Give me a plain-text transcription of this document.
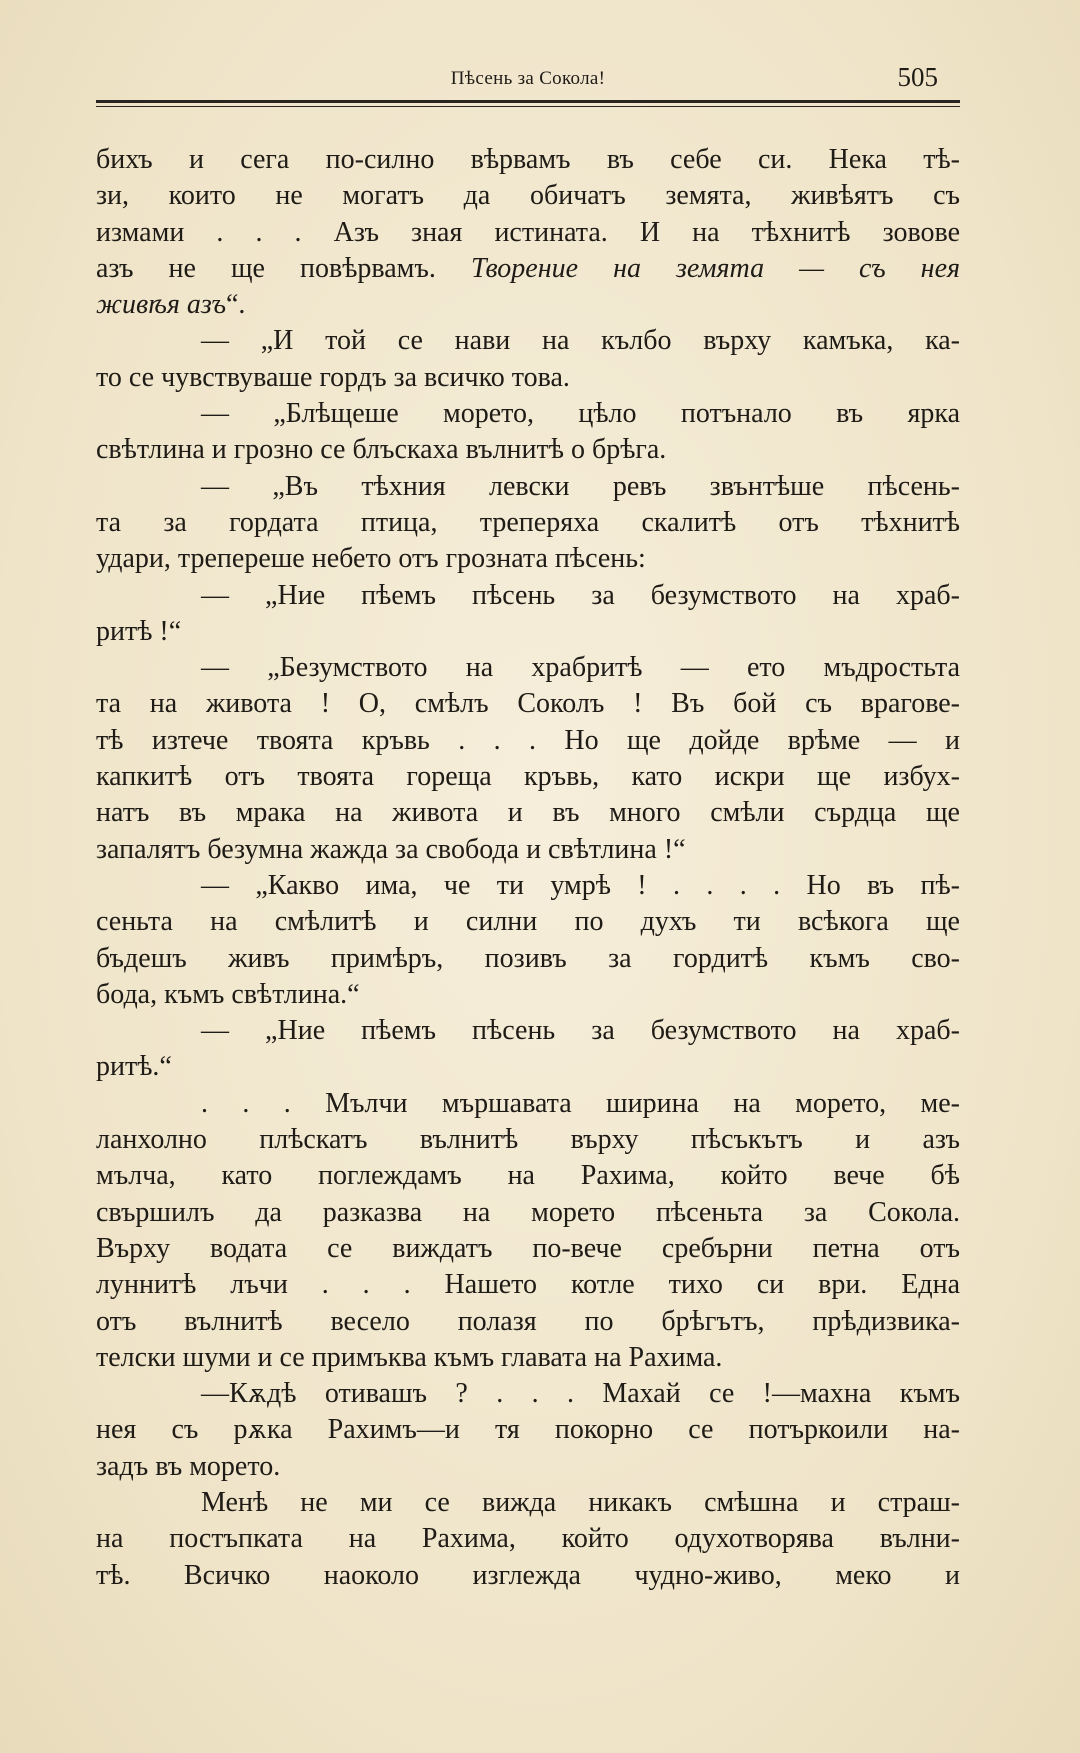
Пѣсень за Сокола!	505

бихъ и сега по-силно вѣрвамъ въ себе си. Нека тѣ-

зи, които не могатъ да обичатъ земята, живѣятъ съ

измами . . . Азъ зная истината. И на тѣхнитѣ зовове

азъ не ще повѣрвамъ. Творение на земята — съ нея

живѣя азъ“.

— „И той се нави на кълбо върху камъка, ка-

то се чувствуваше гордъ за всичко това.

— „Блѣщеше морето, цѣло потънало въ ярка

свѣтлина и грозно се блъскаха вълнитѣ о брѣга.

— „Въ тѣхния левски ревъ звънтѣше пѣсень-

та за гордата птица, треперяха скалитѣ отъ тѣхнитѣ

удари, трепереше небето отъ грозната пѣсень:

— „Ние пѣемъ пѣсень за безумството на храб-

ритѣ !“

— „Безумството на храбритѣ — ето мъдростьта

та на живота ! О, смѣлъ Соколъ ! Въ бой съ врагове-

тѣ изтече твоята кръвь . . . Но ще дойде врѣме — и

капкитѣ отъ твоята гореща кръвь, като искри ще избух-

натъ въ мрака на живота и въ много смѣли сърдца ще

запалятъ безумна жажда за свобода и свѣтлина !“

— „Какво има, че ти умрѣ ! . . . . Но въ пѣ-

сеньта на смѣлитѣ и силни по духъ ти всѣкога ще

бъдешъ живъ примѣръ, позивъ за гордитѣ къмъ сво-

бода, къмъ свѣтлина.“

— „Ние пѣемъ пѣсень за безумството на храб-

ритѣ.“

. . . Мълчи мършавата ширина на морето, ме-

ланхолно плѣскатъ вълнитѣ върху пѣсъкътъ и азъ

мълча, като поглеждамъ на Рахима, който вече бѣ

свършилъ да разказва на морето пѣсеньта за Сокола.

Върху водата се виждатъ по-вече сребърни петна отъ

луннитѣ лъчи . . . Нашето котле тихо си ври. Една

отъ вълнитѣ весело полазя по брѣгътъ, прѣдизвика-

телски шуми и се примъква къмъ главата на Рахима.

—Кѫдѣ отивашъ ? . . . Махай се !—махна къмъ

нея съ рѫка Рахимъ—и тя покорно се потъркоили на-

задъ въ морето.

Менѣ не ми се вижда никакъ смѣшна и страш-

на постъпката на Рахима, който одухотворява вълни-

тѣ. Всичко наоколо изглежда чудно-живо, меко и
